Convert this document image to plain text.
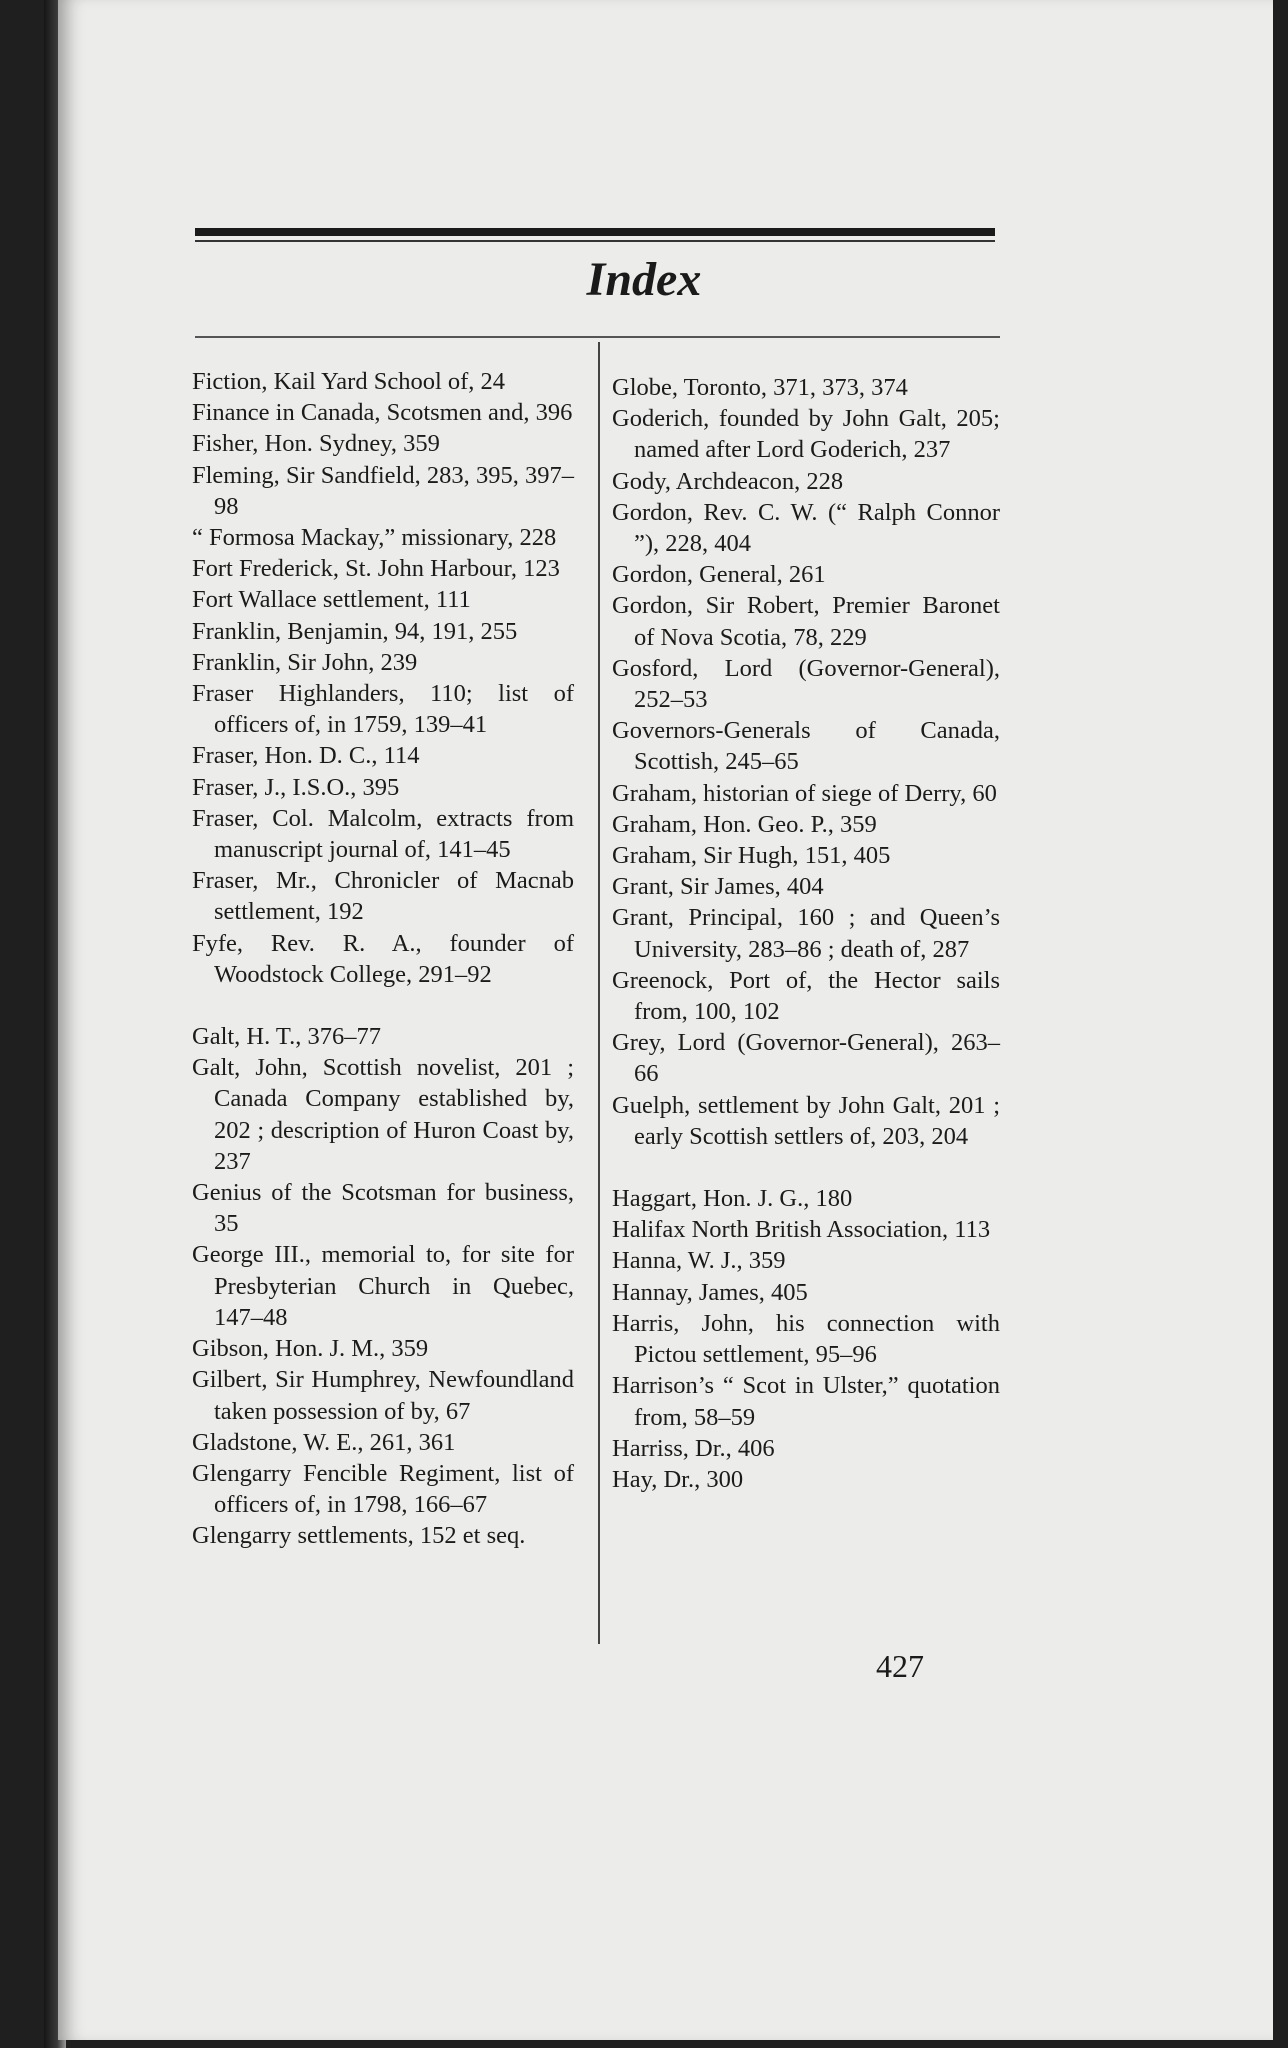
Index

Fiction, Kail Yard School of, 24

Finance in Canada, Scotsmen and, 396

Fisher, Hon. Sydney, 359

Fleming, Sir Sandfield, 283, 395, 397–98

“ Formosa Mackay,” missionary, 228

Fort Frederick, St. John Harbour, 123

Fort Wallace settlement, 111

Franklin, Benjamin, 94, 191, 255

Franklin, Sir John, 239

Fraser Highlanders, 110; list of officers of, in 1759, 139–41

Fraser, Hon. D. C., 114

Fraser, J., I.S.O., 395

Fraser, Col. Malcolm, extracts from manuscript journal of, 141–45

Fraser, Mr., Chronicler of Macnab settlement, 192

Fyfe, Rev. R. A., founder of Woodstock College, 291–92

Galt, H. T., 376–77

Galt, John, Scottish novelist, 201 ; Canada Company established by, 202 ; description of Huron Coast by, 237

Genius of the Scotsman for business, 35

George III., memorial to, for site for Presbyterian Church in Quebec, 147–48

Gibson, Hon. J. M., 359

Gilbert, Sir Humphrey, Newfoundland taken possession of by, 67

Gladstone, W. E., 261, 361

Glengarry Fencible Regiment, list of officers of, in 1798, 166–67

Glengarry settlements, 152 et seq.

Globe, Toronto, 371, 373, 374

Goderich, founded by John Galt, 205; named after Lord Goderich, 237

Gody, Archdeacon, 228

Gordon, Rev. C. W. (“ Ralph Connor ”), 228, 404

Gordon, General, 261

Gordon, Sir Robert, Premier Baronet of Nova Scotia, 78, 229

Gosford, Lord (Governor-General), 252–53

Governors-Generals of Canada, Scottish, 245–65

Graham, historian of siege of Derry, 60

Graham, Hon. Geo. P., 359

Graham, Sir Hugh, 151, 405

Grant, Sir James, 404

Grant, Principal, 160 ; and Queen’s University, 283–86 ; death of, 287

Greenock, Port of, the Hector sails from, 100, 102

Grey, Lord (Governor-General), 263–66

Guelph, settlement by John Galt, 201 ; early Scottish settlers of, 203, 204

Haggart, Hon. J. G., 180

Halifax North British Association, 113

Hanna, W. J., 359

Hannay, James, 405

Harris, John, his connection with Pictou settlement, 95–96

Harrison’s “ Scot in Ulster,” quotation from, 58–59

Harriss, Dr., 406

Hay, Dr., 300

427
